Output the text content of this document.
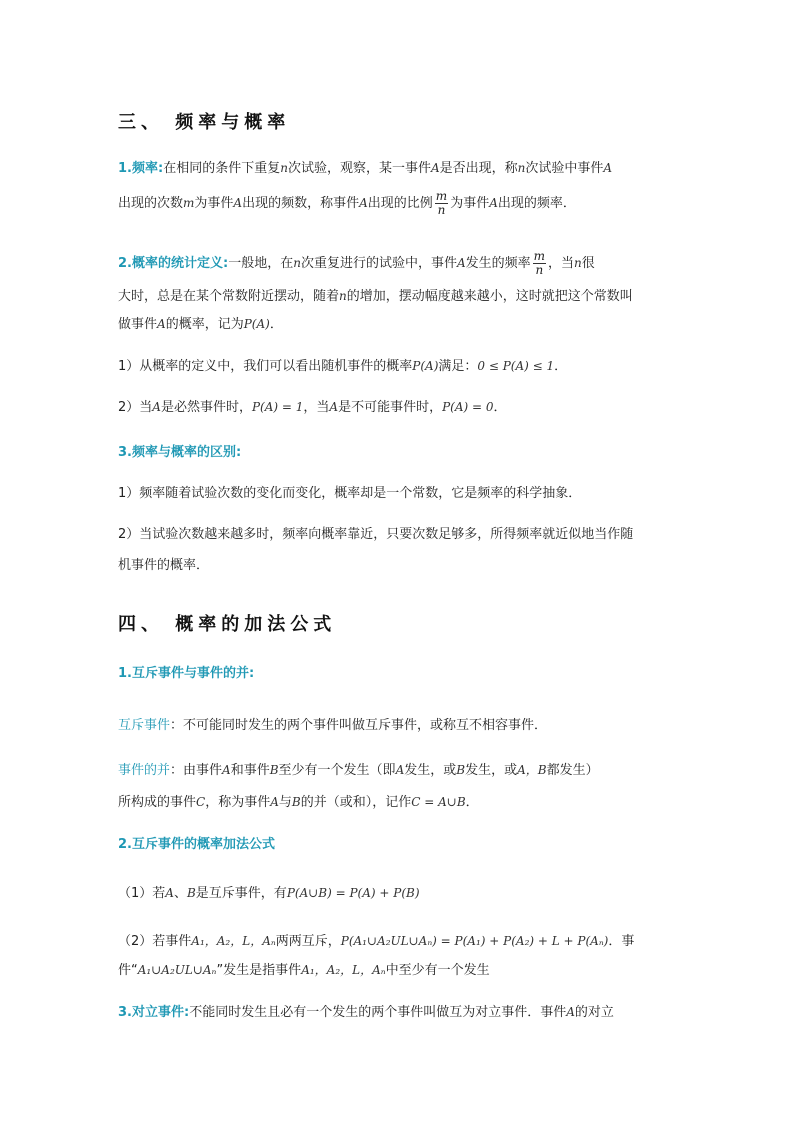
三、 频率与概率
1.频率:在相同的条件下重复n次试验，观察，某一事件A是否出现，称n次试验中事件A
出现的次数m为事件A出现的频数，称事件A出现的比例 $\frac{m}{n}$ 为事件A出现的频率．
2.概率的统计定义:一般地，在n次重复进行的试验中，事件A发生的频率 $\frac{m}{n}$ ，当n很
大时，总是在某个常数附近摆动，随着n的增加，摆动幅度越来越小，这时就把这个常数叫
做事件A的概率，记为P(A)．
1）从概率的定义中，我们可以看出随机事件的概率P(A)满足：0 ≤ P(A) ≤ 1．
2）当A是必然事件时，P(A) = 1，当A是不可能事件时，P(A) = 0．
3.频率与概率的区别:
1）频率随着试验次数的变化而变化，概率却是一个常数，它是频率的科学抽象．
2）当试验次数越来越多时，频率向概率靠近，只要次数足够多，所得频率就近似地当作随
机事件的概率．
四、 概率的加法公式
1.互斥事件与事件的并:
互斥事件：不可能同时发生的两个事件叫做互斥事件，或称互不相容事件．
事件的并：由事件A和事件B至少有一个发生（即A发生，或B发生，或A，B都发生）
所构成的事件C，称为事件A与B的并（或和），记作C = A∪B．
2.互斥事件的概率加法公式
（1）若A、B是互斥事件，有P(A∪B) = P(A) + P(B)
（2）若事件A₁，A₂，L，Aₙ两两互斥，P(A₁∪A₂UL∪Aₙ) = P(A₁) + P(A₂) + L + P(Aₙ)．事
件“A₁∪A₂UL∪Aₙ”发生是指事件A₁，A₂，L，Aₙ中至少有一个发生
3.对立事件:不能同时发生且必有一个发生的两个事件叫做互为对立事件．事件A的对立
